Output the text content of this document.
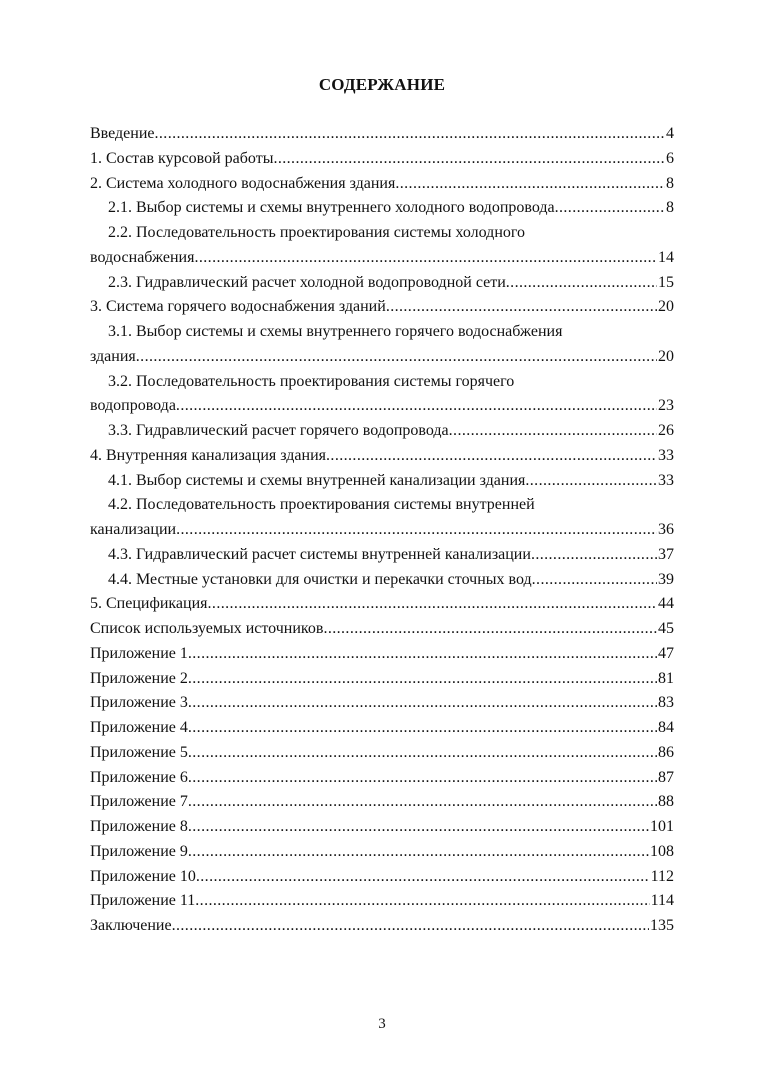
СОДЕРЖАНИЕ
Введение .....	4
1. Состав курсовой работы .....	6
2. Система холодного водоснабжения здания .....	8
2.1. Выбор системы и схемы внутреннего холодного водопровода .....	8
2.2. Последовательность проектирования системы холодного
водоснабжения .....	14
2.3. Гидравлический расчет холодной водопроводной сети .....	15
3. Система горячего водоснабжения зданий .....	20
3.1. Выбор системы и схемы внутреннего горячего водоснабжения
здания .....	20
3.2. Последовательность проектирования системы горячего
водопровода .....	23
3.3. Гидравлический расчет горячего водопровода .....	26
4. Внутренняя канализация здания .....	33
4.1. Выбор системы и схемы внутренней канализации здания .....	33
4.2. Последовательность проектирования системы внутренней
канализации .....	36
4.3. Гидравлический расчет системы внутренней канализации .....	37
4.4. Местные установки для очистки и перекачки сточных вод .....	39
5. Спецификация .....	44
Список используемых источников .....	45
Приложение 1 .....	47
Приложение 2 .....	81
Приложение 3 .....	83
Приложение 4 .....	84
Приложение 5 .....	86
Приложение 6 .....	87
Приложение 7 .....	88
Приложение 8 .....	101
Приложение 9 .....	108
Приложение 10 .....	112
Приложение 11 .....	114
Заключение .....	135
3
